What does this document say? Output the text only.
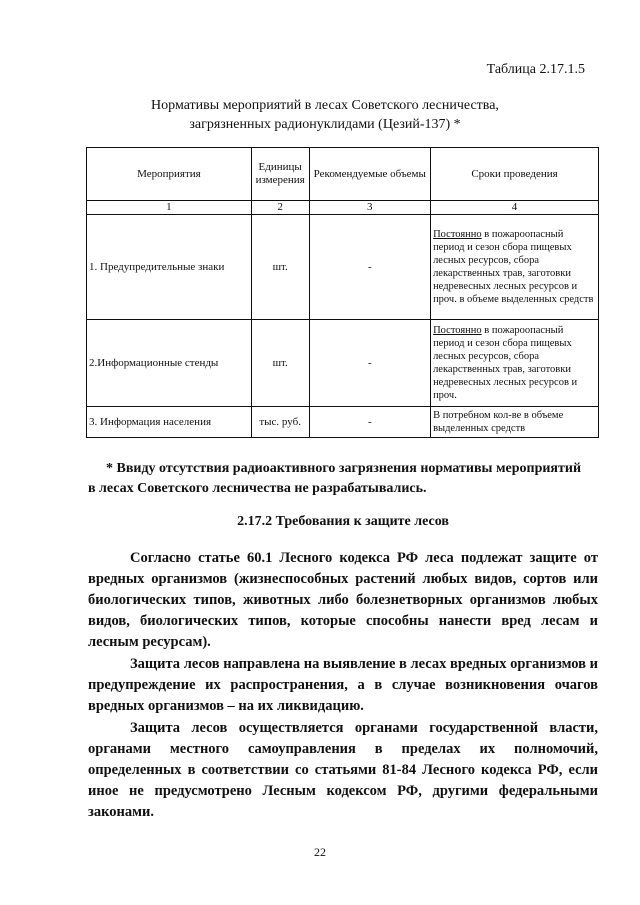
Таблица 2.17.1.5
Нормативы мероприятий в лесах Советского лесничества,
загрязненных радионуклидами (Цезий-137) *
Мероприятия	Единицы измерения	Рекомендуемые объемы	Сроки проведения
1	2	3	4
1. Предупредительные знаки	шт.	-	Постоянно в пожароопасный период и сезон сбора пищевых лесных ресурсов, сбора лекарственных трав, заготовки недревесных лесных ресурсов и проч. в объеме выделенных средств
2.Информационные стенды	шт.	-	Постоянно в пожароопасный период и сезон сбора пищевых лесных ресурсов, сбора лекарственных трав, заготовки недревесных лесных ресурсов и проч.
3. Информация населения	тыс. руб.	-	В потребном кол-ве в объеме выделенных средств
* Ввиду отсутствия радиоактивного загрязнения нормативы мероприятий
в лесах Советского лесничества не разрабатывались.
2.17.2 Требования к защите лесов

Согласно статье 60.1 Лесного кодекса РФ леса подлежат защите от вредных организмов (жизнеспособных растений любых видов, сортов или биологических типов, животных либо болезнетворных организмов любых видов, биологических типов, которые способны нанести вред лесам и лесным ресурсам).

Защита лесов направлена на выявление в лесах вредных организмов и предупреждение их распространения, а в случае возникновения очагов вредных организмов – на их ликвидацию.

Защита лесов осуществляется органами государственной власти, органами местного самоуправления в пределах их полномочий, определенных в соответствии со статьями 81-84 Лесного кодекса РФ, если иное не предусмотрено Лесным кодексом РФ, другими федеральными законами.

22
